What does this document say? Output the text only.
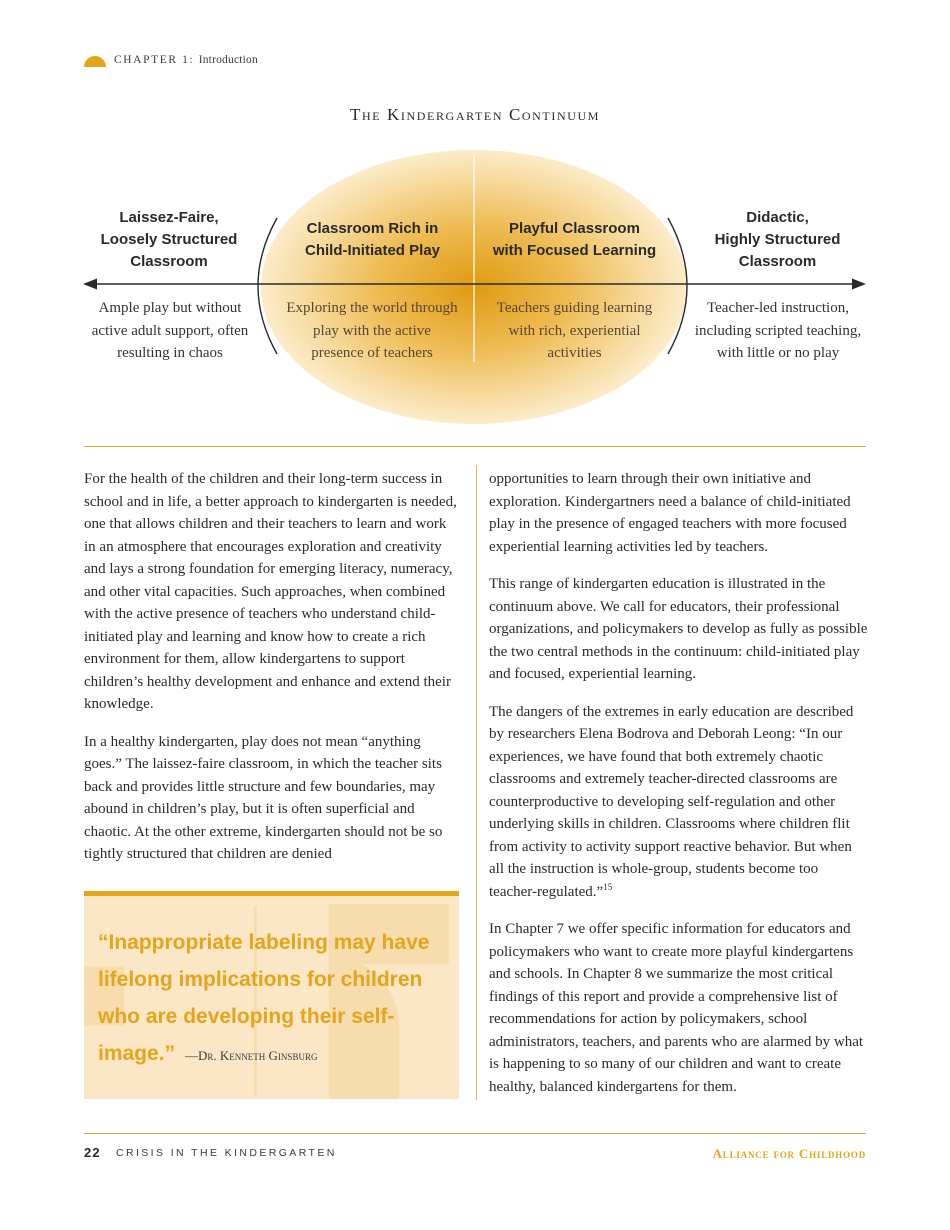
CHAPTER 1: Introduction
The Kindergarten Continuum
Laissez-Faire,
Loosely Structured
Classroom
Classroom Rich in
Child-Initiated Play
Playful Classroom
with Focused Learning
Didactic,
Highly Structured
Classroom
Ample play but without
active adult support, often
resulting in chaos
Exploring the world through
play with the active
presence of teachers
Teachers guiding learning
with rich, experiential
activities
Teacher-led instruction,
including scripted teaching,
with little or no play

For the health of the children and their long-term success in school and in life, a better approach to kindergarten is needed, one that allows children and their teachers to learn and work in an atmosphere that encourages exploration and creativity and lays a strong foundation for emerging literacy, numeracy, and other vital capacities. Such approaches, when combined with the active presence of teachers who understand child-initiated play and learning and know how to create a rich environment for them, allow kindergartens to support children’s healthy development and enhance and extend their knowledge.

In a healthy kindergarten, play does not mean “anything goes.” The laissez-faire classroom, in which the teacher sits back and provides little structure and few boundaries, may abound in children’s play, but it is often superficial and chaotic. At the other extreme, kindergarten should not be so tightly structured that children are denied

opportunities to learn through their own initiative and exploration. Kindergartners need a balance of child-initiated play in the presence of engaged teachers with more focused experiential learning activities led by teachers.

This range of kindergarten education is illustrated in the continuum above. We call for educators, their professional organizations, and policymakers to develop as fully as possible the two central methods in the continuum: child-initiated play and focused, experiential learning.

The dangers of the extremes in early education are described by researchers Elena Bodrova and Deborah Leong: “In our experiences, we have found that both extremely chaotic classrooms and extremely teacher-directed classrooms are counterproductive to developing self-regulation and other underlying skills in children. Classrooms where children flit from activity to activity support reactive behavior. But when all the instruction is whole-group, students become too teacher-regulated.”$^{15}$

In Chapter 7 we offer specific information for educators and policymakers who want to create more playful kindergartens and schools. In Chapter 8 we summarize the most critical findings of this report and provide a comprehensive list of recommendations for action by policymakers, school administrators, teachers, and parents who are alarmed by what is happening to so many of our children and want to create healthy, balanced kindergartens for them.

“Inappropriate labeling may have lifelong implications for children who are developing their self-image.” —Dr. Kenneth Ginsburg
22 CRISIS IN THE KINDERGARTEN	Alliance for Childhood
